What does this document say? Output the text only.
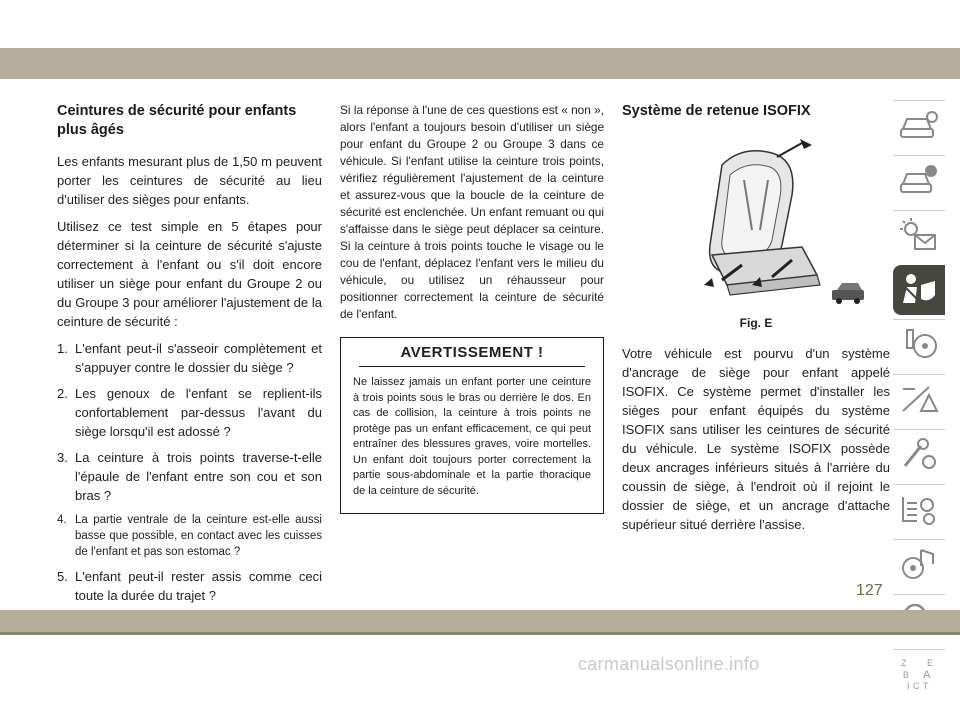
Ceintures de sécurité pour enfants plus âgés

Les enfants mesurant plus de 1,50 m peuvent porter les ceintures de sécurité au lieu d'utiliser des sièges pour enfants.

Utilisez ce test simple en 5 étapes pour déterminer si la ceinture de sécurité s'ajuste correctement à l'enfant ou s'il doit encore utiliser un siège pour enfant du Groupe 2 ou du Groupe 3 pour améliorer l'ajustement de la ceinture de sécurité :

1. L'enfant peut-il s'asseoir complètement et s'appuyer contre le dossier du siège ?
2. Les genoux de l'enfant se replient-ils confortablement par-dessus l'avant du siège lorsqu'il est adossé ?
3. La ceinture à trois points traverse-t-elle l'épaule de l'enfant entre son cou et son bras ?
4. La partie ventrale de la ceinture est-elle aussi basse que possible, en contact avec les cuisses de l'enfant et pas son estomac ?
5. L'enfant peut-il rester assis comme ceci toute la durée du trajet ?

Si la réponse à l'une de ces questions est « non », alors l'enfant a toujours besoin d'utiliser un siège pour enfant du Groupe 2 ou Groupe 3 dans ce véhicule. Si l'enfant utilise la ceinture trois points, vérifiez régulièrement l'ajustement de la ceinture et assurez-vous que la boucle de la ceinture de sécurité est enclenchée. Un enfant remuant ou qui s'affaisse dans le siège peut déplacer sa ceinture. Si la ceinture à trois points touche le visage ou le cou de l'enfant, déplacez l'enfant vers le milieu du véhicule, ou utilisez un réhausseur pour positionner correctement la ceinture de sécurité de l'enfant.

AVERTISSEMENT !
Ne laissez jamais un enfant porter une ceinture à trois points sous le bras ou derrière le dos. En cas de collision, la ceinture à trois points ne protège pas un enfant efficacement, ce qui peut entraîner des blessures graves, voire mortelles. Un enfant doit toujours porter correctement la partie sous-abdominale et la partie thoracique de la ceinture de sécurité.
Système de retenue ISOFIX
Fig. E

Votre véhicule est pourvu d'un système d'ancrage de siège pour enfant appelé ISOFIX. Ce système permet d'installer les sièges pour enfant équipés du système ISOFIX sans utiliser les ceintures de sécurité du véhicule. Le système ISOFIX possède deux ancrages inférieurs situés à l'arrière du coussin de siège, à l'endroit où il rejoint le dossier de siège, et un ancrage d'attache supérieur situé derrière l'assise.

Z E
B A
I C T
127
carmanualsonline.info
